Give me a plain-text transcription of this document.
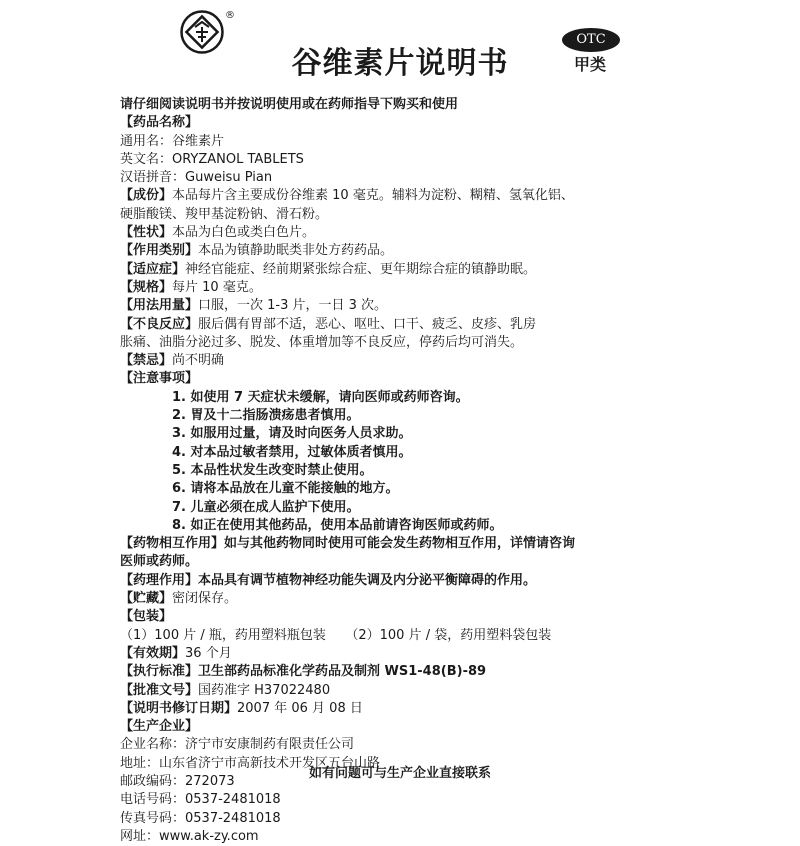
®
谷维素片说明书
OTC
甲类
请仔细阅读说明书并按说明使用或在药师指导下购买和使用
【药品名称】
通用名：谷维素片
英文名：ORYZANOL TABLETS
汉语拼音：Guweisu Pian
【成份】本品每片含主要成份谷维素 10 毫克。辅料为淀粉、糊精、氢氧化铝、
硬脂酸镁、羧甲基淀粉钠、滑石粉。
【性状】本品为白色或类白色片。
【作用类别】本品为镇静助眠类非处方药药品。
【适应症】神经官能症、经前期紧张综合症、更年期综合症的镇静助眠。
【规格】每片 10 毫克。
【用法用量】口服，一次 1-3 片，一日 3 次。
【不良反应】服后偶有胃部不适，恶心、呕吐、口干、疲乏、皮疹、乳房
胀痛、油脂分泌过多、脱发、体重增加等不良反应，停药后均可消失。
【禁忌】尚不明确
【注意事项】
1. 如使用 7 天症状未缓解，请向医师或药师咨询。
2. 胃及十二指肠溃疡患者慎用。
3. 如服用过量，请及时向医务人员求助。
4. 对本品过敏者禁用，过敏体质者慎用。
5. 本品性状发生改变时禁止使用。
6. 请将本品放在儿童不能接触的地方。
7. 儿童必须在成人监护下使用。
8. 如正在使用其他药品，使用本品前请咨询医师或药师。
【药物相互作用】如与其他药物同时使用可能会发生药物相互作用，详情请咨询
医师或药师。
【药理作用】本品具有调节植物神经功能失调及内分泌平衡障碍的作用。
【贮藏】密闭保存。
【包装】
（1）100 片 / 瓶，药用塑料瓶包装　　（2）100 片 / 袋，药用塑料袋包装
【有效期】36 个月
【执行标准】卫生部药品标准化学药品及制剂 WS1-48(B)-89
【批准文号】国药准字 H37022480
【说明书修订日期】2007 年 06 月 08 日
【生产企业】
企业名称：济宁市安康制药有限责任公司
地址：山东省济宁市高新技术开发区五台山路
邮政编码：272073
电话号码：0537-2481018
传真号码：0537-2481018
网址：www.ak-zy.com
如有问题可与生产企业直接联系
